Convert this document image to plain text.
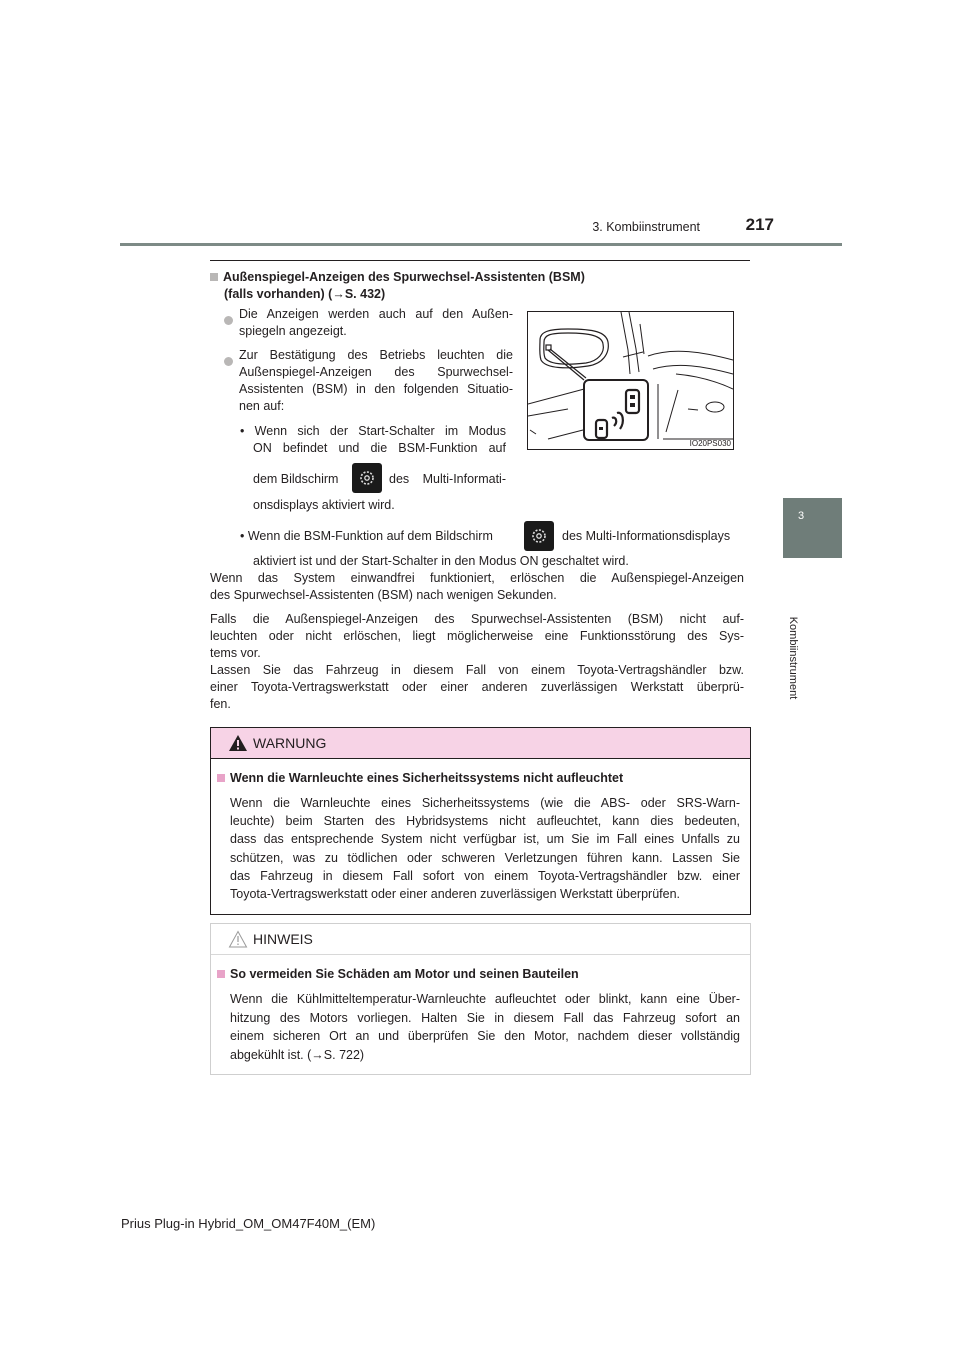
3. Kombiinstrument	217
3
Kombiinstrument
Außenspiegel-Anzeigen des Spurwechsel-Assistenten (BSM)
(falls vorhanden) (→S. 432)
Die Anzeigen werden auch auf den Außen-
spiegeln angezeigt.
Zur Bestätigung des Betriebs leuchten die
Außenspiegel-Anzeigen des Spurwechsel-
Assistenten (BSM) in den folgenden Situatio-
nen auf:
• Wenn sich der Start-Schalter im Modus
ON befindet und die BSM-Funktion auf
dem Bildschirm	des Multi-Informati-
onsdisplays aktiviert wird.
IO20PS030
• Wenn die BSM-Funktion auf dem Bildschirm	des Multi-Informationsdisplays
aktiviert ist und der Start-Schalter in den Modus ON geschaltet wird.
Wenn das System einwandfrei funktioniert, erlöschen die Außenspiegel-Anzeigen
des Spurwechsel-Assistenten (BSM) nach wenigen Sekunden.
Falls die Außenspiegel-Anzeigen des Spurwechsel-Assistenten (BSM) nicht auf-
leuchten oder nicht erlöschen, liegt möglicherweise eine Funktionsstörung des Sys-
tems vor.
Lassen Sie das Fahrzeug in diesem Fall von einem Toyota-Vertragshändler bzw.
einer Toyota-Vertragswerkstatt oder einer anderen zuverlässigen Werkstatt überprü-
fen.
WARNUNG
Wenn die Warnleuchte eines Sicherheitssystems nicht aufleuchtet
Wenn die Warnleuchte eines Sicherheitssystems (wie die ABS- oder SRS-Warn-
leuchte) beim Starten des Hybridsystems nicht aufleuchtet, kann dies bedeuten,
dass das entsprechende System nicht verfügbar ist, um Sie im Fall eines Unfalls zu
schützen, was zu tödlichen oder schweren Verletzungen führen kann. Lassen Sie
das Fahrzeug in diesem Fall sofort von einem Toyota-Vertragshändler bzw. einer
Toyota-Vertragswerkstatt oder einer anderen zuverlässigen Werkstatt überprüfen.
HINWEIS
So vermeiden Sie Schäden am Motor und seinen Bauteilen
Wenn die Kühlmitteltemperatur-Warnleuchte aufleuchtet oder blinkt, kann eine Über-
hitzung des Motors vorliegen. Halten Sie in diesem Fall das Fahrzeug sofort an
einem sicheren Ort an und überprüfen Sie den Motor, nachdem dieser vollständig
abgekühlt ist. (→S. 722)
Prius Plug-in Hybrid_OM_OM47F40M_(EM)
